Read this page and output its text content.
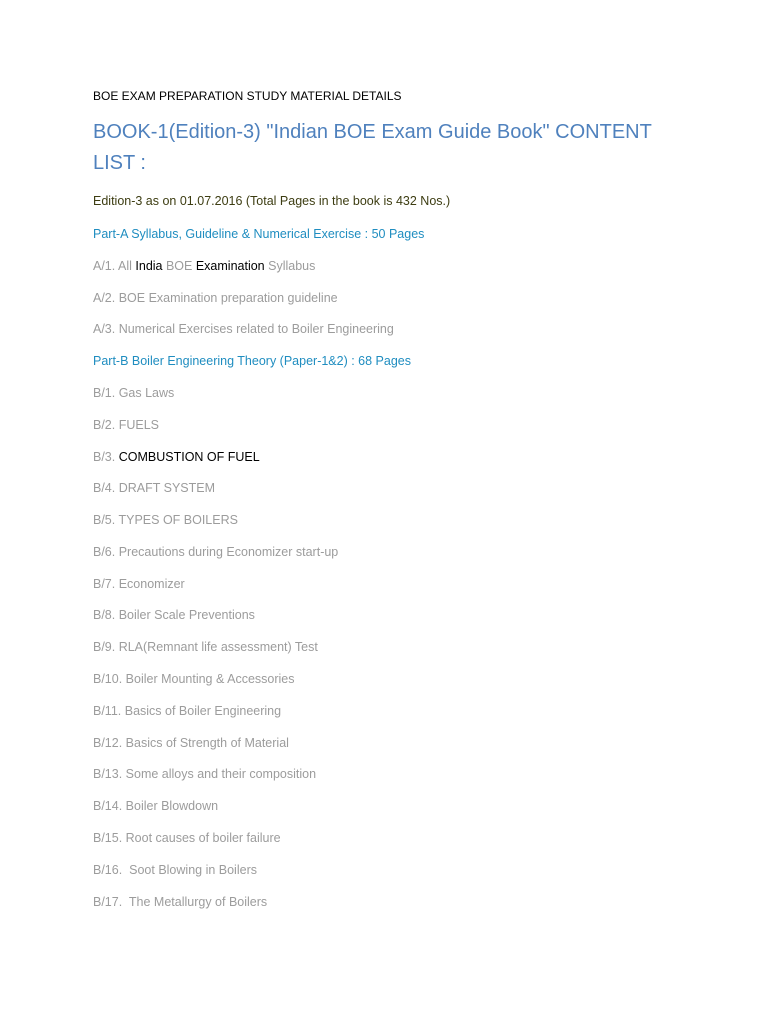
BOE EXAM PREPARATION STUDY MATERIAL DETAILS
BOOK-1(Edition-3) "Indian BOE Exam Guide Book" CONTENT LIST :
Edition-3 as on 01.07.2016 (Total Pages in the book is 432 Nos.)
Part-A Syllabus, Guideline & Numerical Exercise : 50 Pages
A/1. All India BOE Examination Syllabus
A/2. BOE Examination preparation guideline
A/3. Numerical Exercises related to Boiler Engineering
Part-B Boiler Engineering Theory (Paper-1&2) : 68 Pages
B/1. Gas Laws
B/2. FUELS
B/3. COMBUSTION OF FUEL
B/4. DRAFT SYSTEM
B/5. TYPES OF BOILERS
B/6. Precautions during Economizer start-up
B/7. Economizer
B/8. Boiler Scale Preventions
B/9. RLA(Remnant life assessment) Test
B/10. Boiler Mounting & Accessories
B/11. Basics of Boiler Engineering
B/12. Basics of Strength of Material
B/13. Some alloys and their composition
B/14. Boiler Blowdown
B/15. Root causes of boiler failure
B/16.  Soot Blowing in Boilers
B/17.  The Metallurgy of Boilers
